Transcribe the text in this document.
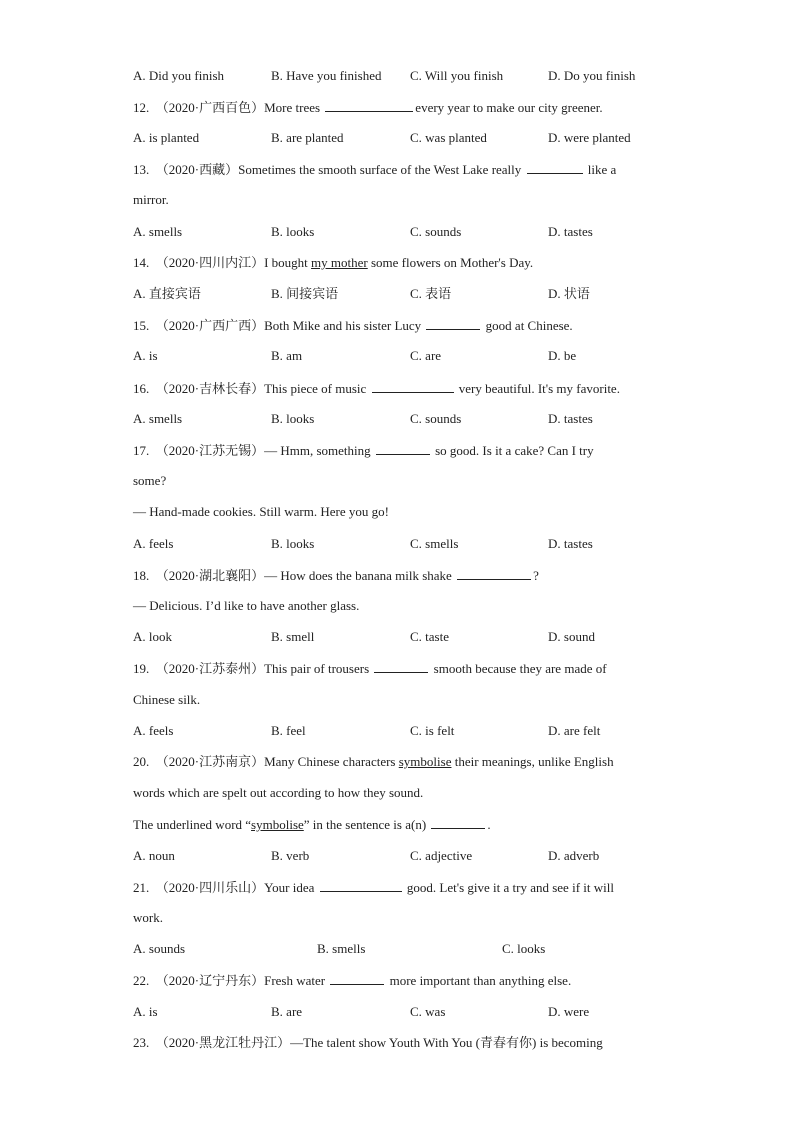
A. Did you finish	B. Have you finished C. Will you finish	D. Do you finish
12. （2020·广西百色）More trees	every year to make our city greener.
A. is planted	B. are planted	C. was planted	D. were planted
13. （2020·西藏）Sometimes the smooth surface of the West Lake really	like a
mirror.
A. smells	B. looks	C. sounds	D. tastes
14. （2020·四川内江）I bought my mother some flowers on Mother's Day.
A. 直接宾语	B. 间接宾语	C. 表语	D. 状语
15. （2020·广西广西）Both Mike and his sister Lucy	good at Chinese.
A. is	B. am	C. are	D. be
16. （2020·吉林长春）This piece of music	very beautiful. It's my favorite.
A. smells	B. looks	C. sounds	D. tastes
17. （2020·江苏无锡）— Hmm, something	so good. Is it a cake? Can I try
some?
— Hand-made cookies. Still warm. Here you go!
A. feels	B. looks	C. smells	D. tastes
18. （2020·湖北襄阳）— How does the banana milk shake	?
— Delicious. I’d like to have another glass.
A. look	B. smell	C. taste	D. sound
19. （2020·江苏泰州）This pair of trousers	smooth because they are made of
Chinese silk.
A. feels	B. feel	C. is felt	D. are felt
20. （2020·江苏南京）Many Chinese characters symbolise their meanings, unlike English
words which are spelt out according to how they sound.
The underlined word “symbolise” in the sentence is a(n)	.
A. noun	B. verb	C. adjective	D. adverb
21. （2020·四川乐山）Your idea	good. Let's give it a try and see if it will
work.
A. sounds	B. smells	C. looks
22. （2020·辽宁丹东）Fresh water	more important than anything else.
A. is	B. are	C. was	D. were
23. （2020·黑龙江牡丹江）—The talent show Youth With You (青春有你) is becoming
